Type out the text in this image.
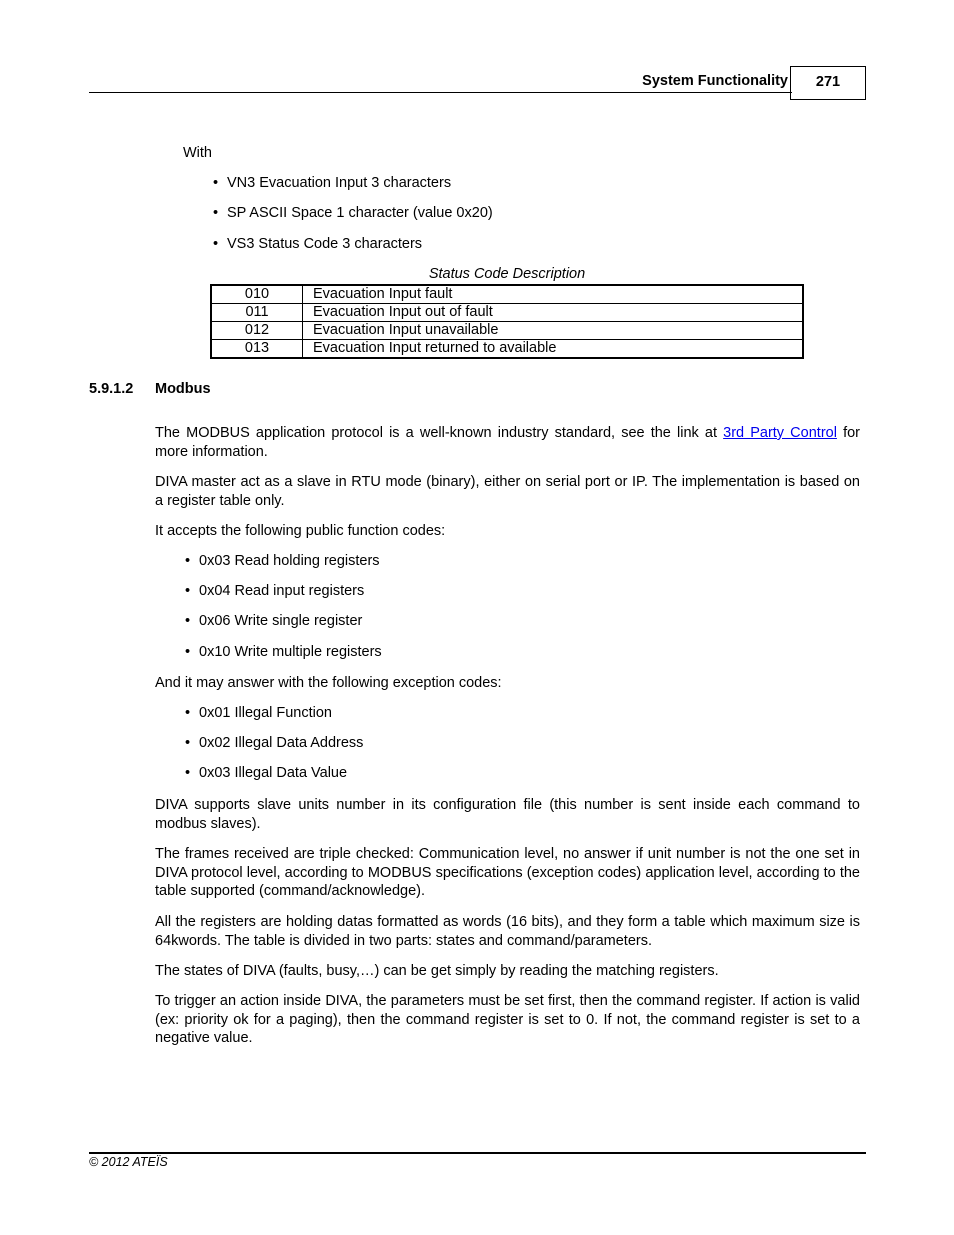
System Functionality	271
With
• VN3 Evacuation Input 3 characters
• SP ASCII Space 1 character (value 0x20)
• VS3 Status Code 3 characters
Status Code Description
010	Evacuation Input fault
011	Evacuation Input out of fault
012	Evacuation Input unavailable
013	Evacuation Input returned to available
5.9.1.2 Modbus
The MODBUS application protocol is a well-known industry standard, see the link at 3rd Party Control for more information.
DIVA master act as a slave in RTU mode (binary), either on serial port or IP. The implementation is based on a register table only.
It accepts the following public function codes:
• 0x03 Read holding registers
• 0x04 Read input registers
• 0x06 Write single register
• 0x10 Write multiple registers
And it may answer with the following exception codes:
• 0x01 Illegal Function
• 0x02 Illegal Data Address
• 0x03 Illegal Data Value
DIVA supports slave units number in its configuration file (this number is sent inside each command to modbus slaves).
The frames received are triple checked: Communication level, no answer if unit number is not the one set in DIVA protocol level, according to MODBUS specifications (exception codes) application level, according to the table supported (command/acknowledge).
All the registers are holding datas formatted as words (16 bits), and they form a table which maximum size is 64kwords. The table is divided in two parts: states and command/parameters.
The states of DIVA (faults, busy,…) can be get simply by reading the matching registers.
To trigger an action inside DIVA, the parameters must be set first, then the command register. If action is valid (ex: priority ok for a paging), then the command register is set to 0. If not, the command register is set to a negative value.
© 2012 ATEÏS
